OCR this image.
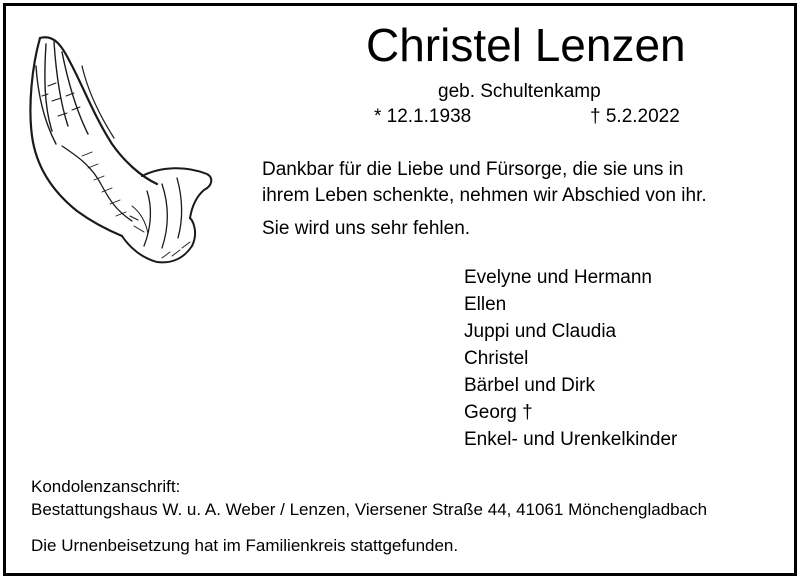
Christel Lenzen
geb. Schultenkamp
* 12.1.1938	† 5.2.2022
Dankbar für die Liebe und Fürsorge, die sie uns in
ihrem Leben schenkte, nehmen wir Abschied von ihr.
Sie wird uns sehr fehlen.
Evelyne und Hermann
Ellen
Juppi und Claudia
Christel
Bärbel und Dirk
Georg †
Enkel- und Urenkelkinder
Kondolenzanschrift:
Bestattungshaus W. u. A. Weber / Lenzen, Viersener Straße 44, 41061 Mönchengladbach
Die Urnenbeisetzung hat im Familienkreis stattgefunden.
